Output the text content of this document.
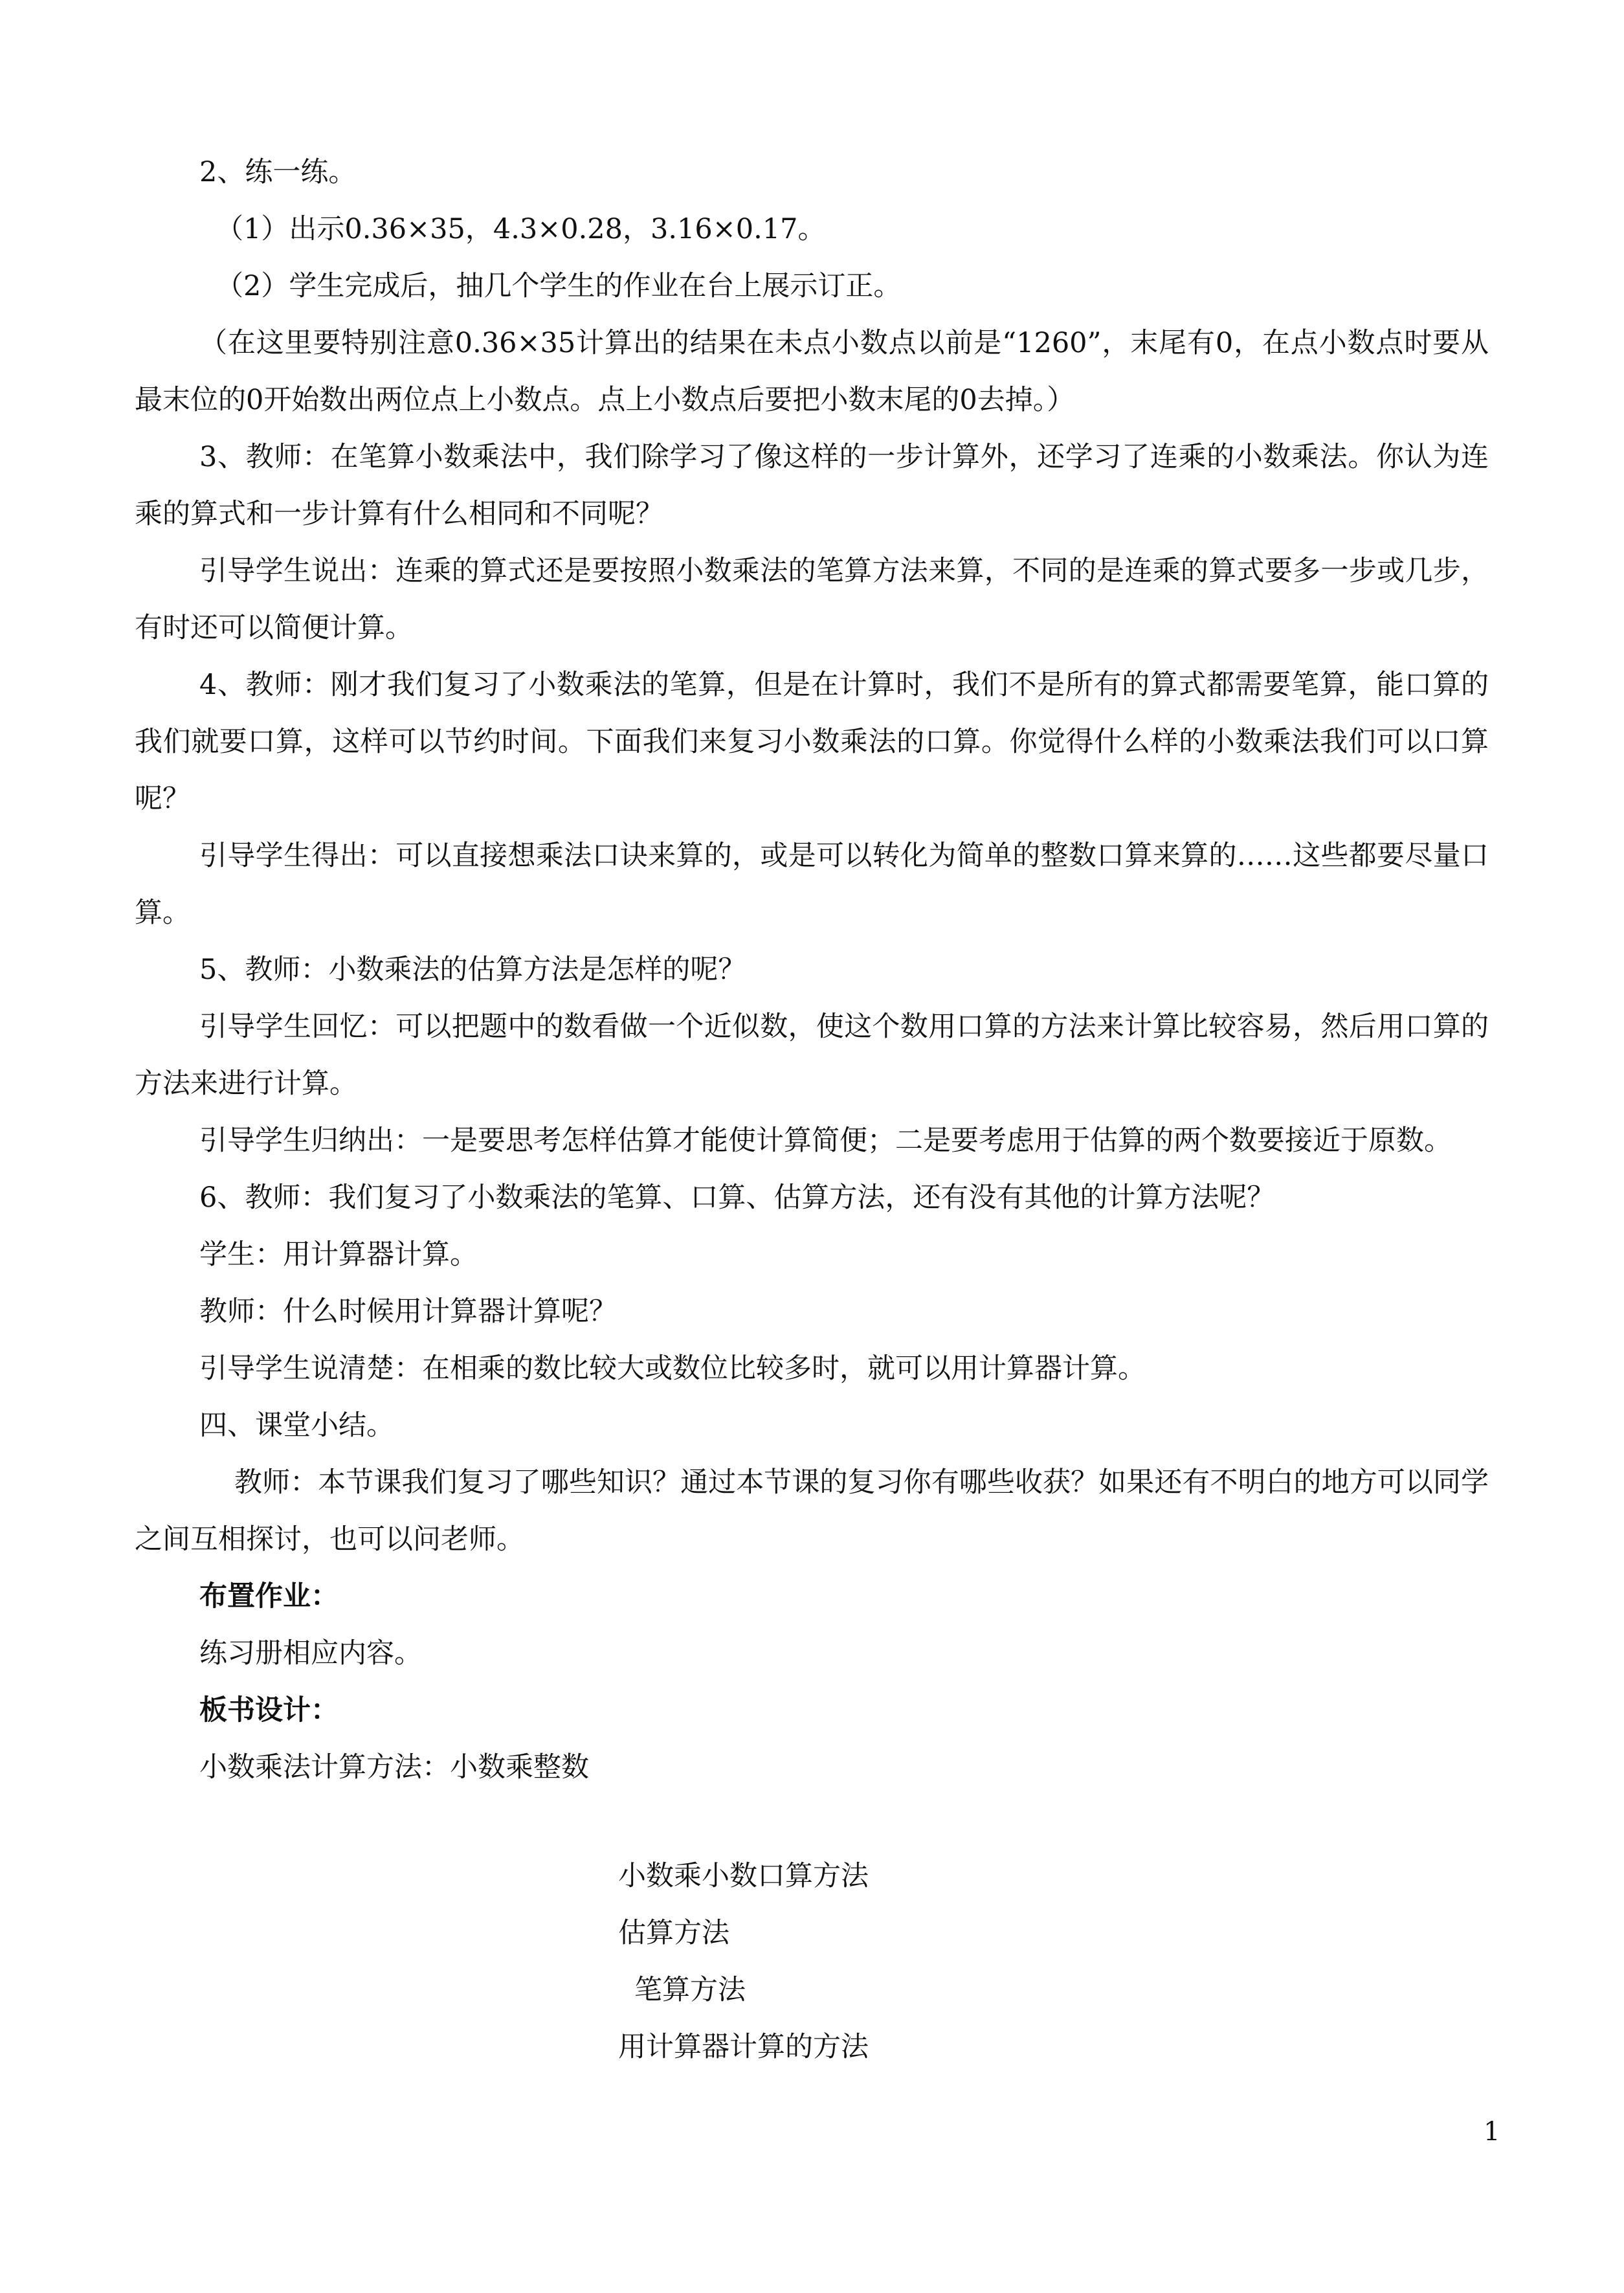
2、练一练。

（1）出示0.36×35，4.3×0.28，3.16×0.17。

（2）学生完成后，抽几个学生的作业在台上展示订正。

（在这里要特别注意0.36×35计算出的结果在未点小数点以前是“1260”，末尾有0，在点小数点时要从最末位的0开始数出两位点上小数点。点上小数点后要把小数末尾的0去掉。）

3、教师：在笔算小数乘法中，我们除学习了像这样的一步计算外，还学习了连乘的小数乘法。你认为连乘的算式和一步计算有什么相同和不同呢？

引导学生说出：连乘的算式还是要按照小数乘法的笔算方法来算，不同的是连乘的算式要多一步或几步，有时还可以简便计算。

4、教师：刚才我们复习了小数乘法的笔算，但是在计算时，我们不是所有的算式都需要笔算，能口算的我们就要口算，这样可以节约时间。下面我们来复习小数乘法的口算。你觉得什么样的小数乘法我们可以口算呢？

引导学生得出：可以直接想乘法口诀来算的，或是可以转化为简单的整数口算来算的……这些都要尽量口算。

5、教师：小数乘法的估算方法是怎样的呢？

引导学生回忆：可以把题中的数看做一个近似数，使这个数用口算的方法来计算比较容易，然后用口算的方法来进行计算。

引导学生归纳出：一是要思考怎样估算才能使计算简便；二是要考虑用于估算的两个数要接近于原数。

6、教师：我们复习了小数乘法的笔算、口算、估算方法，还有没有其他的计算方法呢？

学生：用计算器计算。

教师：什么时候用计算器计算呢？

引导学生说清楚：在相乘的数比较大或数位比较多时，就可以用计算器计算。

四、课堂小结。

教师：本节课我们复习了哪些知识？通过本节课的复习你有哪些收获？如果还有不明白的地方可以同学之间互相探讨，也可以问老师。

布置作业：

练习册相应内容。

板书设计：

小数乘法计算方法：小数乘整数

小数乘小数口算方法

估算方法

笔算方法

用计算器计算的方法

1
